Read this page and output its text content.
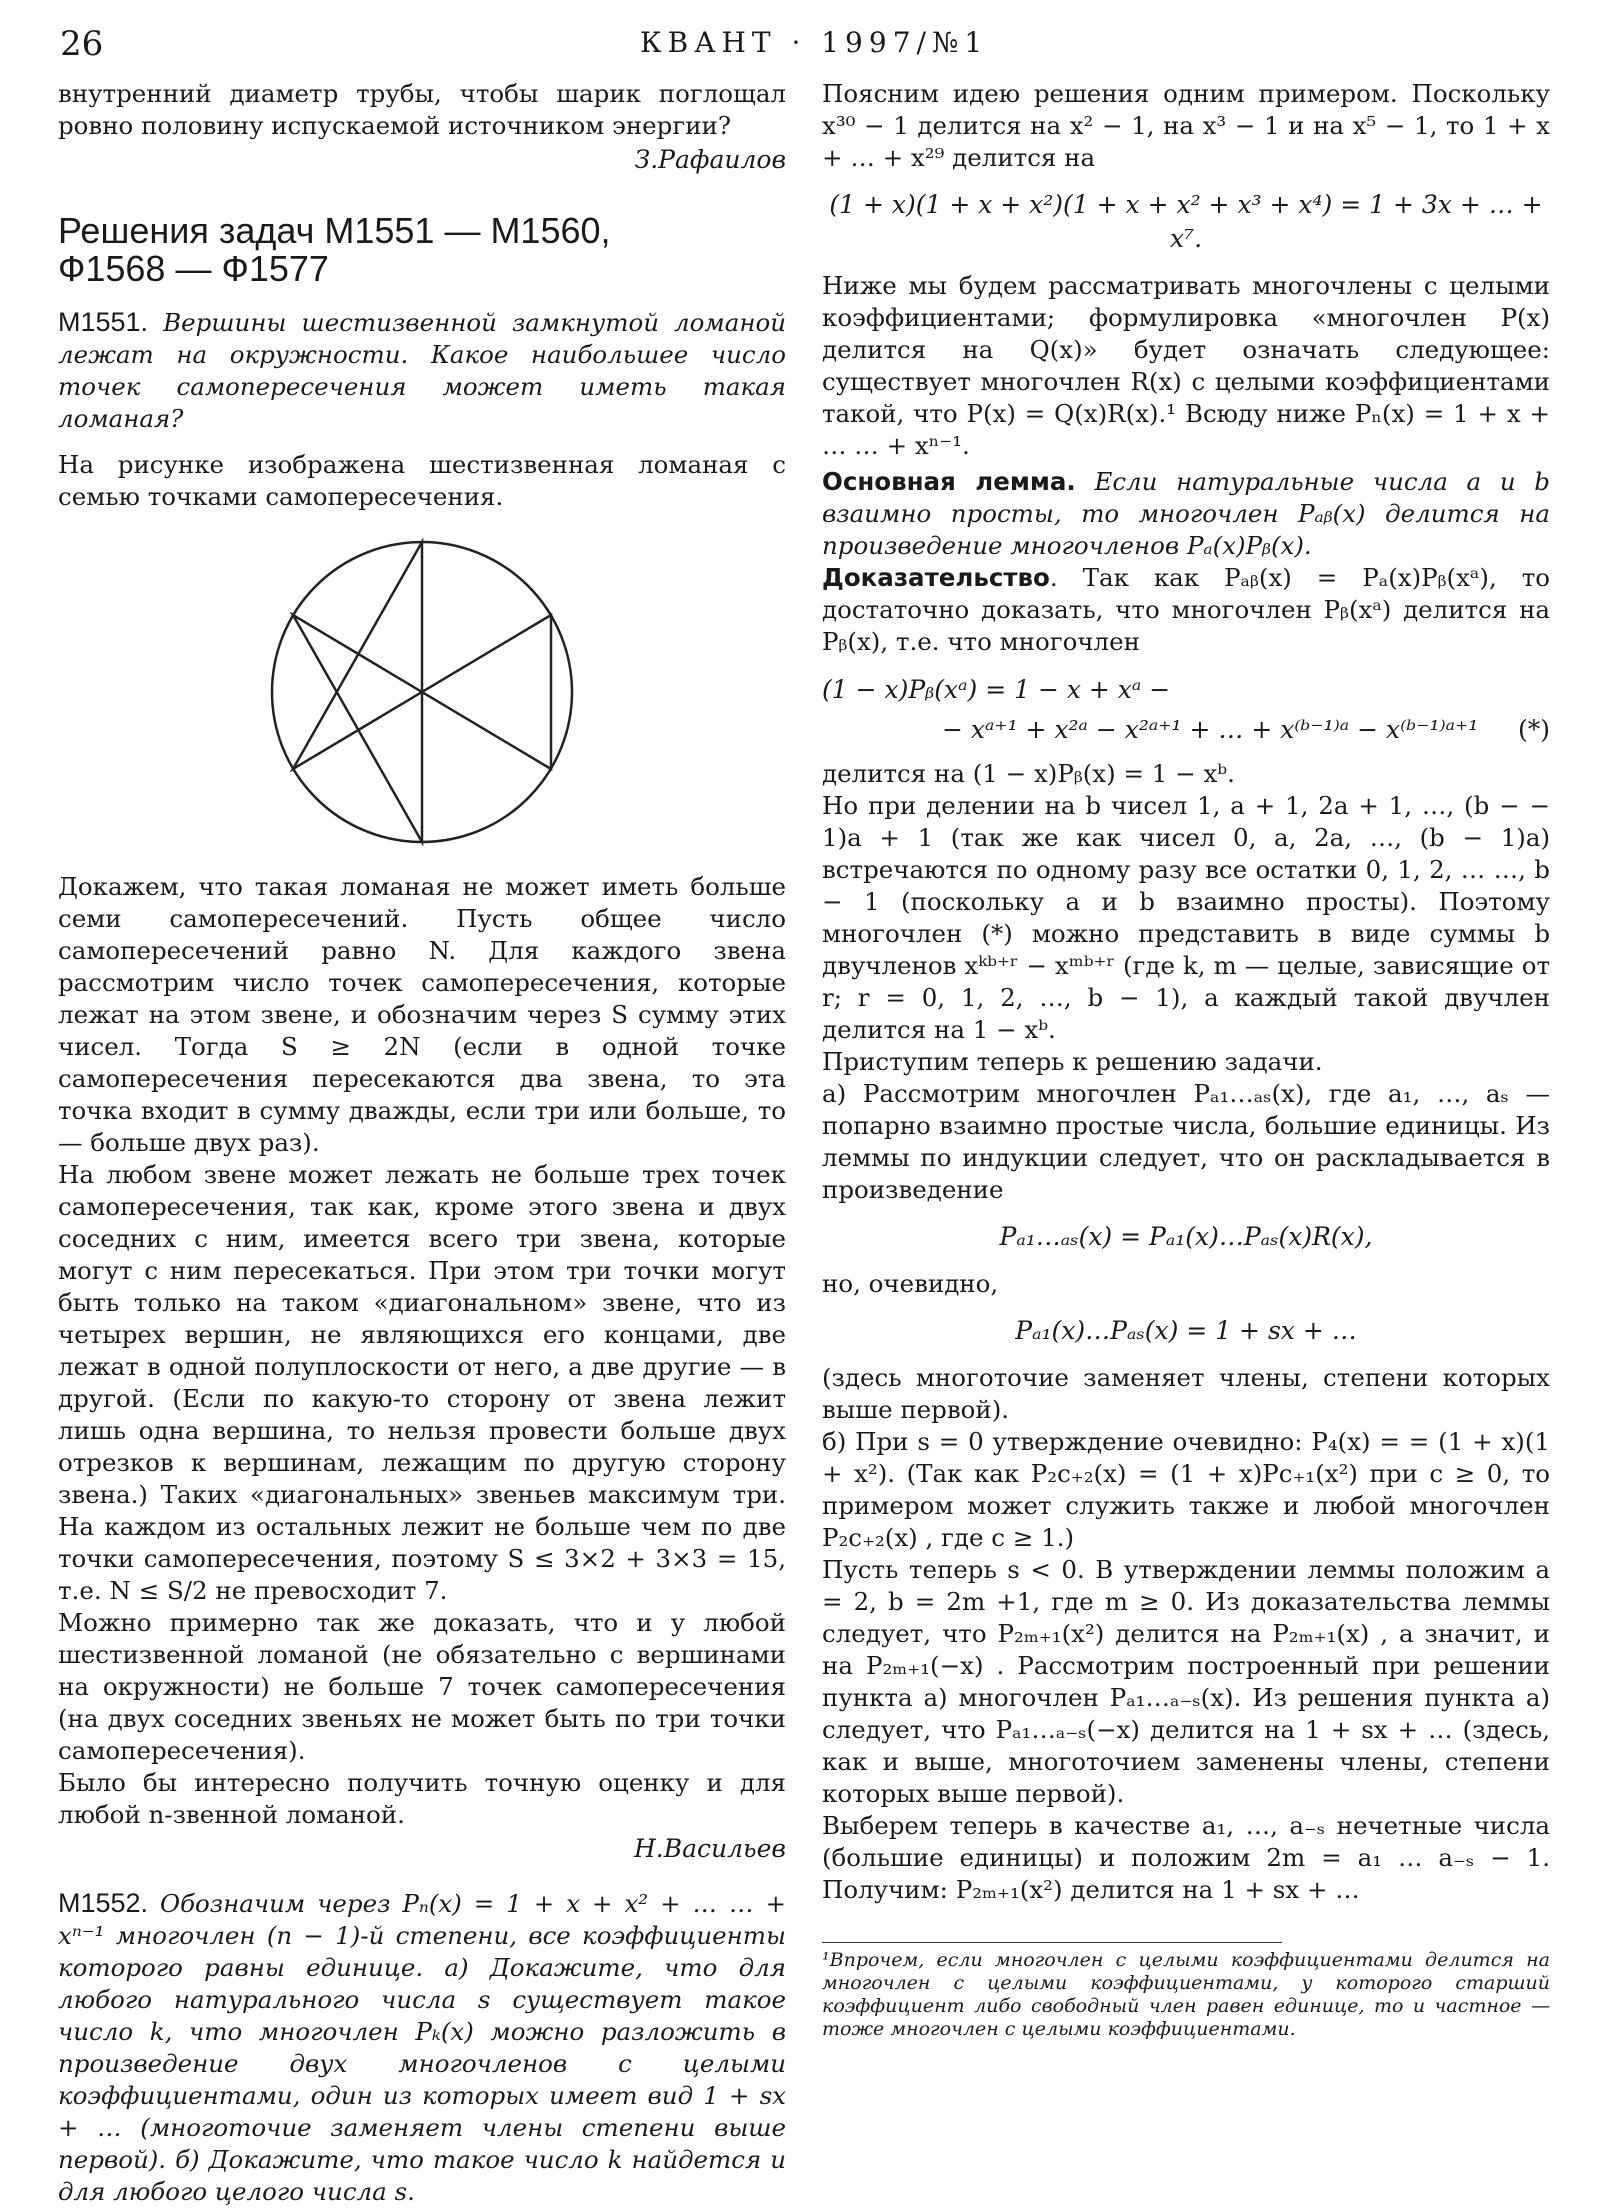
26	КВАНТ · 1997/№1

внутренний диаметр трубы, чтобы шарик поглощал ровно половину испускаемой источником энергии?

З.Рафаилов
Решения задач М1551 — М1560,
Ф1568 — Ф1577

М1551. Вершины шестизвенной замкнутой ломаной лежат на окружности. Какое наибольшее число точек самопересечения может иметь такая ломаная?

На рисунке изображена шестизвенная ломаная с семью точками самопересечения.

Докажем, что такая ломаная не может иметь больше семи самопересечений. Пусть общее число самопересечений равно N. Для каждого звена рассмотрим число точек самопересечения, которые лежат на этом звене, и обозначим через S сумму этих чисел. Тогда S ≥ 2N (если в одной точке самопересечения пересекаются два звена, то эта точка входит в сумму дважды, если три или больше, то — больше двух раз).

На любом звене может лежать не больше трех точек самопересечения, так как, кроме этого звена и двух соседних с ним, имеется всего три звена, которые могут с ним пересекаться. При этом три точки могут быть только на таком «диагональном» звене, что из четырех вершин, не являющихся его концами, две лежат в одной полуплоскости от него, а две другие — в другой. (Если по какую-то сторону от звена лежит лишь одна вершина, то нельзя провести больше двух отрезков к вершинам, лежащим по другую сторону звена.) Таких «диагональных» звеньев максимум три. На каждом из остальных лежит не больше чем по две точки самопересечения, поэтому S ≤ 3×2 + 3×3 = 15, т.е. N ≤ S/2 не превосходит 7.

Можно примерно так же доказать, что и у любой шестизвенной ломаной (не обязательно с вершинами на окружности) не больше 7 точек самопересечения (на двух соседних звеньях не может быть по три точки самопересечения).

Было бы интересно получить точную оценку и для любой n-звенной ломаной.

Н.Васильев

М1552. Обозначим через Pₙ(x) = 1 + x + x² + … … + xⁿ⁻¹ многочлен (n − 1)-й степени, все коэффициенты которого равны единице. а) Докажите, что для любого натурального числа s существует такое число k, что многочлен Pₖ(x) можно разложить в произведение двух многочленов с целыми коэффициентами, один из которых имеет вид 1 + sx + … (многоточие заменяет члены степени выше первой). б) Докажите, что такое число k найдется и для любого целого числа s.

Поясним идею решения одним примером. Поскольку x³⁰ − 1 делится на x² − 1, на x³ − 1 и на x⁵ − 1, то 1 + x + … + x²⁹ делится на

(1 + x)(1 + x + x²)(1 + x + x² + x³ + x⁴) = 1 + 3x + … + x⁷.

Ниже мы будем рассматривать многочлены с целыми коэффициентами; формулировка «многочлен P(x) делится на Q(x)» будет означать следующее: существует многочлен R(x) с целыми коэффициентами такой, что P(x) = Q(x)R(x).¹ Всюду ниже Pₙ(x) = 1 + x + … … + xⁿ⁻¹.

Основная лемма. Если натуральные числа a и b взаимно просты, то многочлен Pₐᵦ(x) делится на произведение многочленов Pₐ(x)Pᵦ(x).

Доказательство. Так как Pₐᵦ(x) = Pₐ(x)Pᵦ(xᵃ), то достаточно доказать, что многочлен Pᵦ(xᵃ) делится на Pᵦ(x), т.е. что многочлен

(1 − x)Pᵦ(xᵃ) = 1 − x + xᵃ −
− xᵃ⁺¹ + x²ᵃ − x²ᵃ⁺¹ + … + x⁽ᵇ⁻¹⁾ᵃ − x⁽ᵇ⁻¹⁾ᵃ⁺¹ (*)

делится на (1 − x)Pᵦ(x) = 1 − xᵇ.

Но при делении на b чисел 1, a + 1, 2a + 1, …, (b − − 1)a + 1 (так же как чисел 0, a, 2a, …, (b − 1)a) встречаются по одному разу все остатки 0, 1, 2, … …, b − 1 (поскольку a и b взаимно просты). Поэтому многочлен (*) можно представить в виде суммы b двучленов xᵏᵇ⁺ʳ − xᵐᵇ⁺ʳ (где k, m — целые, зависящие от r; r = 0, 1, 2, …, b − 1), а каждый такой двучлен делится на 1 − xᵇ.

Приступим теперь к решению задачи.

а) Рассмотрим многочлен Pₐ₁…ₐₛ(x), где a₁, …, aₛ — попарно взаимно простые числа, большие единицы. Из леммы по индукции следует, что он раскладывается в произведение

Pₐ₁…ₐₛ(x) = Pₐ₁(x)…Pₐₛ(x)R(x),

но, очевидно,

Pₐ₁(x)…Pₐₛ(x) = 1 + sx + …

(здесь многоточие заменяет члены, степени которых выше первой).

б) При s = 0 утверждение очевидно: P₄(x) = = (1 + x)(1 + x²). (Так как P₂c₊₂(x) = (1 + x)Pc₊₁(x²) при c ≥ 0, то примером может служить также и любой многочлен P₂c₊₂(x) , где c ≥ 1.)

Пусть теперь s < 0. В утверждении леммы положим a = 2, b = 2m +1, где m ≥ 0. Из доказательства леммы следует, что P₂ₘ₊₁(x²) делится на P₂ₘ₊₁(x) , а значит, и на P₂ₘ₊₁(−x) . Рассмотрим построенный при решении пункта а) многочлен Pₐ₁…ₐ₋ₛ(x). Из решения пункта а) следует, что Pₐ₁…ₐ₋ₛ(−x) делится на 1 + sx + … (здесь, как и выше, многоточием заменены члены, степени которых выше первой).

Выберем теперь в качестве a₁, …, a₋ₛ нечетные числа (большие единицы) и положим 2m = a₁ … a₋ₛ − 1. Получим: P₂ₘ₊₁(x²) делится на 1 + sx + …

¹Впрочем, если многочлен с целыми коэффициентами делится на многочлен с целыми коэффициентами, у которого старший коэффициент либо свободный член равен единице, то и частное — тоже многочлен с целыми коэффициентами.
